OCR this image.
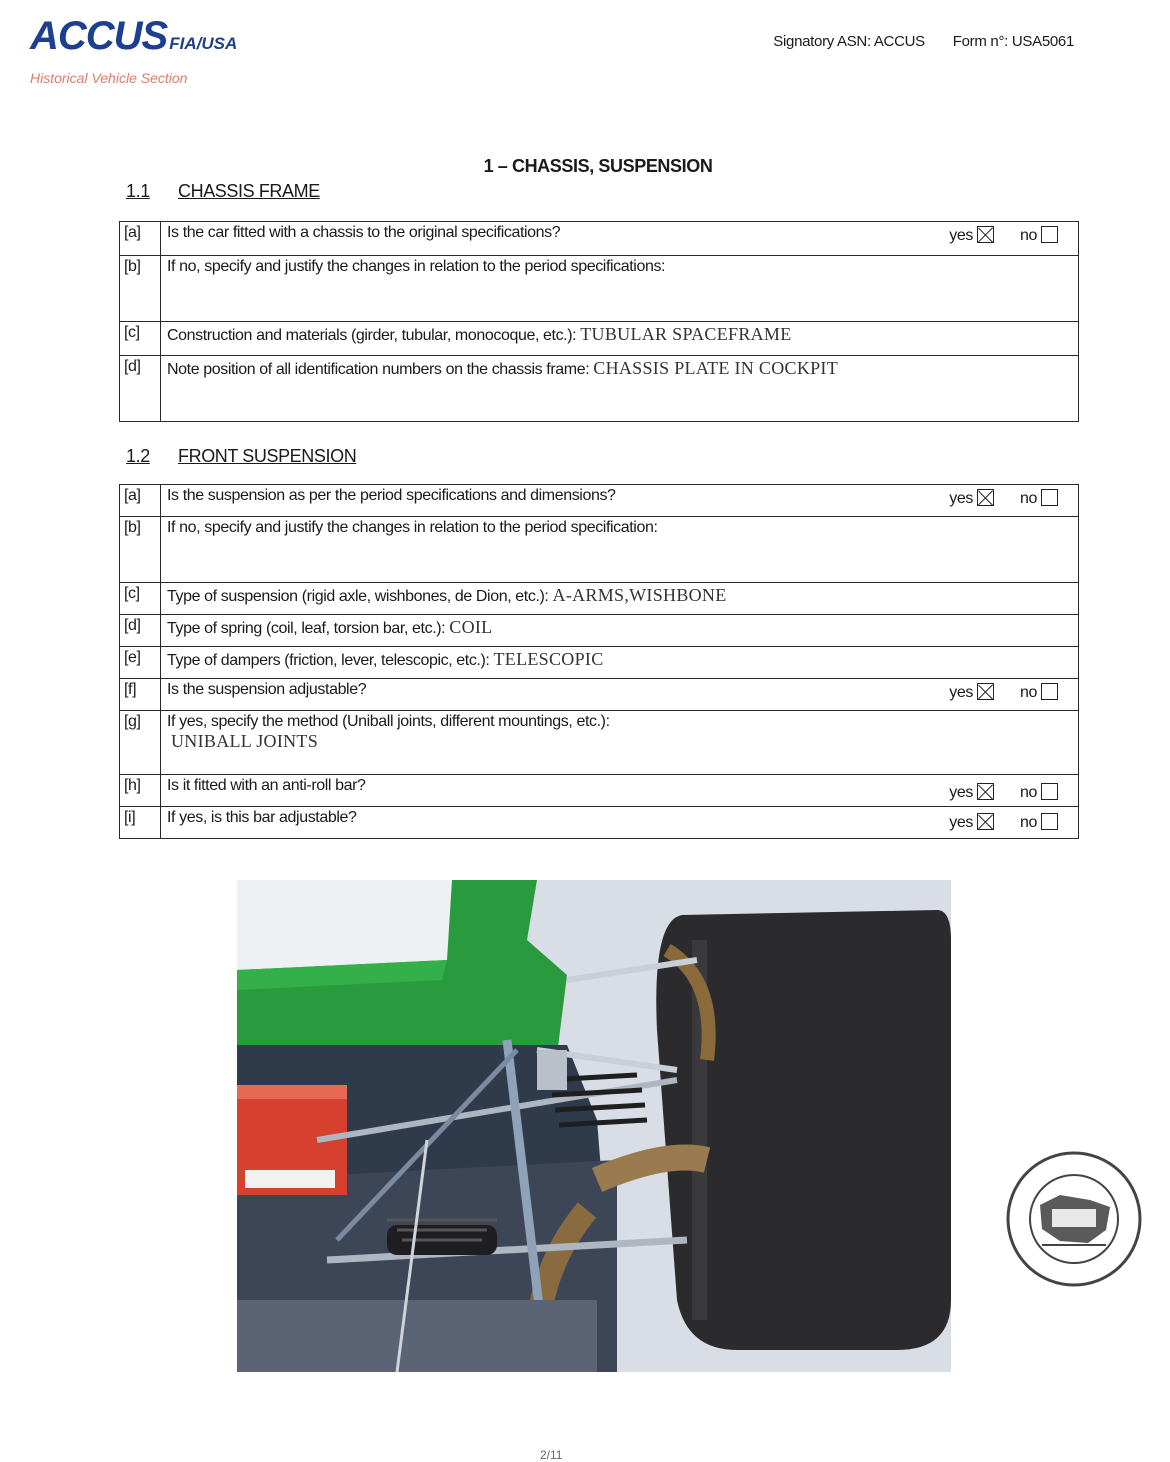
ACCUS FIA/USA
Historical Vehicle Section
Signatory ASN: ACCUS Form n°: USA5061
1 – CHASSIS, SUSPENSION
1.1 CHASSIS FRAME
[a]	Is the car fitted with a chassis to the original specifications? yes no

[b]	If no, specify and justify the changes in relation to the period specifications:
[c]	Construction and materials (girder, tubular, monocoque, etc.): TUBULAR SPACEFRAME
[d]	Note position of all identification numbers on the chassis frame: CHASSIS PLATE IN COCKPIT
1.2 FRONT SUSPENSION
[a]	Is the suspension as per the period specifications and dimensions? yes no

[b]	If no, specify and justify the changes in relation to the period specification:
[c]	Type of suspension (rigid axle, wishbones, de Dion, etc.): A-ARMS,WISHBONE
[d]	Type of spring (coil, leaf, torsion bar, etc.): COIL
[e]	Type of dampers (friction, lever, telescopic, etc.): TELESCOPIC
[f]	Is the suspension adjustable? yes no

[g]	If yes, specify the method (Uniball joints, different mountings, etc.):
UNIBALL JOINTS
[h]	Is it fitted with an anti-roll bar? yes no

[i]	If yes, is this bar adjustable? yes no
2/11
